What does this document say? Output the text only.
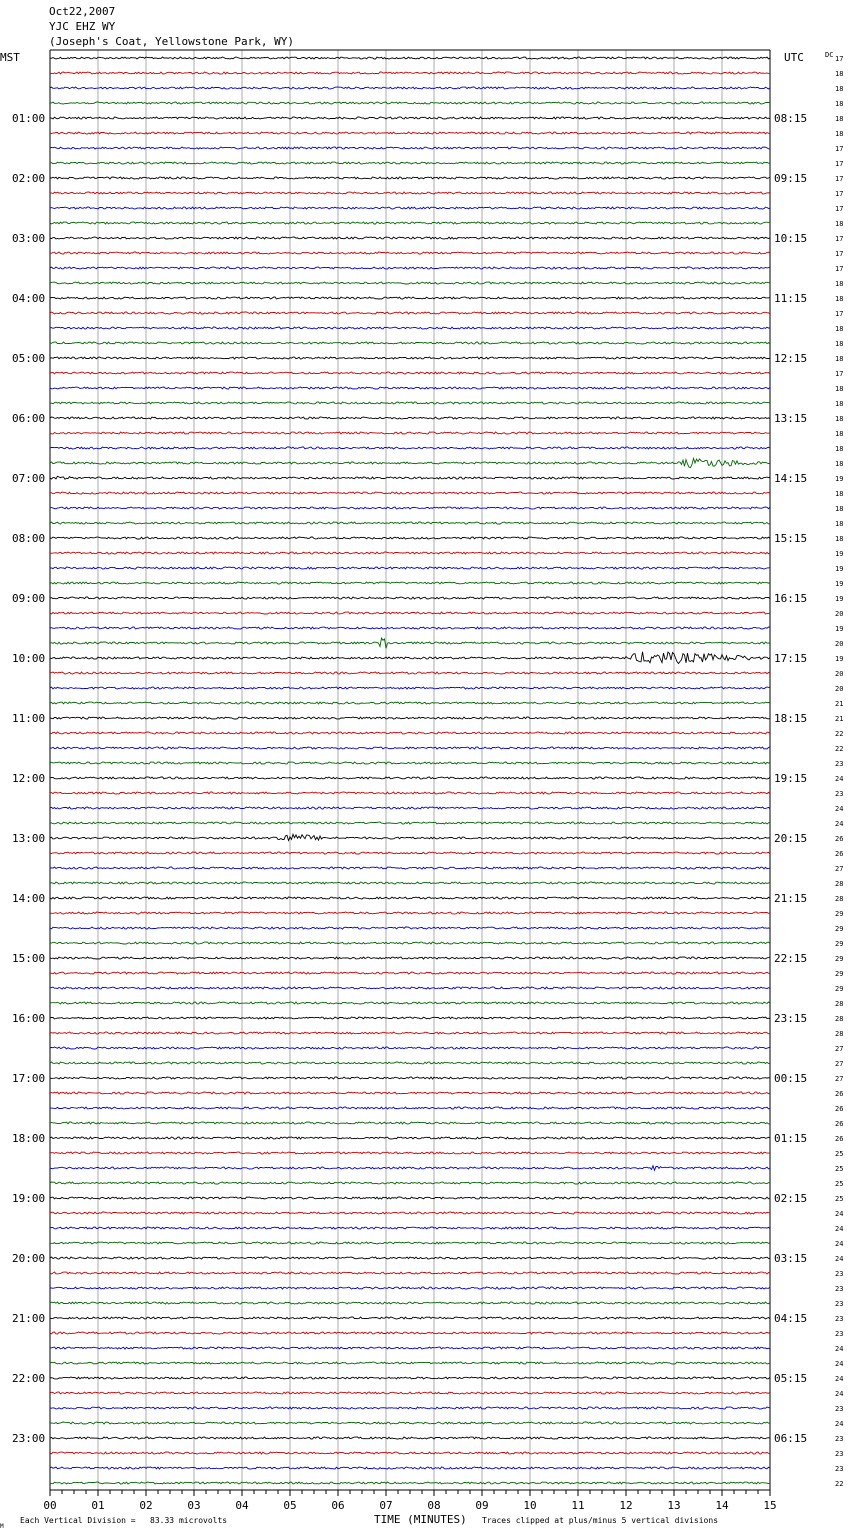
Oct22,2007
YJC EHZ WY
(Joseph's Coat, Yellowstone Park, WY)
MST	UTC	DC
01:00
02:00
03:00
04:00
05:00
06:00
07:00
08:00
09:00
10:00
11:00
12:00
13:00
14:00
15:00
16:00
17:00
18:00
19:00
20:00
21:00
22:00
23:00
08:15
09:15
10:15
11:15
12:15
13:15
14:15
15:15
16:15
17:15
18:15
19:15
20:15
21:15
22:15
23:15
00:15
01:15
02:15
03:15
04:15
05:15
06:15
17
18
18
18
18
18
17
17
17
17
17
18
17
17
17
18
18
17
18
18
18
17
18
18
18
18
18
18
19
18
18
18
18
19
19
19
19
20
19
20
19
20
20
21
21
22
22
23
24
23
24
24
26
26
27
28
28
29
29
29
29
29
29
28
28
28
27
27
27
26
26
26
26
25
25
25
25
24
24
24
24
23
23
23
23
23
24
24
24
24
23
24
23
23
23
22
00	01	02	03	04	05	06	07	08	09	10	11	12	13	14	15
M
Each Vertical Division =   83.33 microvolts	TIME (MINUTES) Traces clipped at plus/minus 5 vertical divisions
